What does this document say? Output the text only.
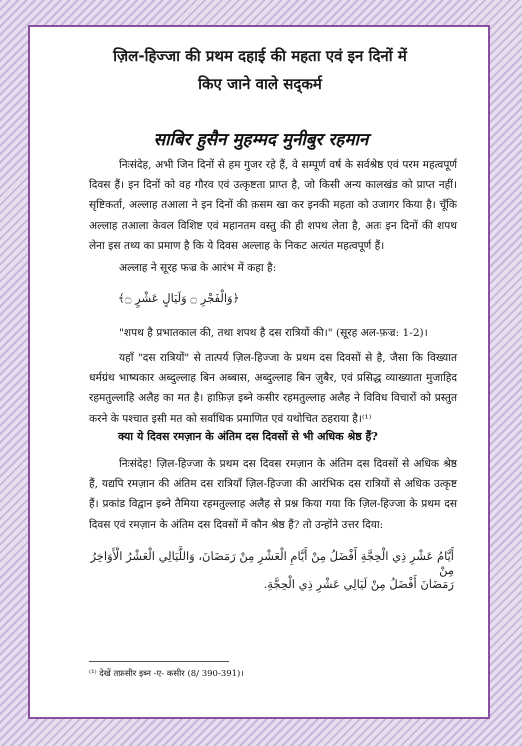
ज़िल-हिज्जा की प्रथम दहाई की महता एवं इन दिनों में
किए जाने वाले सद्कर्म
साबिर हुसैन मुहम्मद मुनीबुर रहमान
निःसंदेह, अभी जिन दिनों से हम गुजर रहे हैं, वे सम्पूर्ण वर्ष के सर्वश्रेष्ठ एवं परम महत्वपूर्ण दिवस हैं। इन दिनों को वह गौरव एवं उत्कृष्टता प्राप्त है, जो किसी अन्य कालखंड को प्राप्त नहीं। सृष्टिकर्ता, अल्लाह तआला ने इन दिनों की क़सम खा कर इनकी महता को उजागर किया है। चूँकि अल्लाह तआला केवल विशिष्ट एवं महानतम वस्तु की ही शपथ लेता है, अतः इन दिनों की शपथ लेना इस तथ्य का प्रमाण है कि ये दिवस अल्लाह के निकट अत्यंत महत्वपूर्ण हैं।
अल्लाह ने सूरह फज्र के आरंभ में कहा है:
﴿وَالْفَجْرِ ۝ وَلَيَالٍ عَشْرٍ ۝﴾
"शपथ है प्रभातकाल की, तथा शपथ है दस रात्रियों की।" (सूरह अल-फ़ज्र: 1-2)।
यहाँ "दस रात्रियों" से तात्पर्य ज़िल-हिज्जा के प्रथम दस दिवसों से है, जैसा कि विख्यात धर्मग्रंथ भाष्यकार अब्दुल्लाह बिन अब्बास, अब्दुल्लाह बिन ज़ुबैर, एवं प्रसिद्ध व्याख्याता मुजाहिद रहमतुल्लाहि अलैह का मत है। हाफ़िज़ इब्ने कसीर रहमतुल्लाह अलैह ने विविध विचारों को प्रस्तुत करने के पश्चात इसी मत को सर्वाधिक प्रमाणित एवं यथोचित ठहराया है।⁽¹⁾
क्या ये दिवस रमज़ान के अंतिम दस दिवसों से भी अधिक श्रेष्ठ हैं?
निःसंदेह! ज़िल-हिज्जा के प्रथम दस दिवस रमज़ान के अंतिम दस दिवसों से अधिक श्रेष्ठ हैं, यद्यपि रमज़ान की अंतिम दस रात्रियाँ ज़िल-हिज्जा की आरंभिक दस रात्रियों से अधिक उत्कृष्ट हैं। प्रकांड विद्वान इब्ने तैमिया रहमतुल्लाह अलैह से प्रश्न किया गया कि ज़िल-हिज्जा के प्रथम दस दिवस एवं रमज़ान के अंतिम दस दिवसों में कौन श्रेष्ठ हैं? तो उन्होंने उत्तर दिया:
أَيَّامُ عَشْرِ ذِي الْحِجَّةِ أَفْضَلُ مِنْ أَيَّامِ الْعَشْرِ مِنْ رَمَضَانَ، وَاللَّيَالِي الْعَشْرُ الْأَوَاخِرُ مِنْ
رَمَضَانَ أَفْضَلُ مِنْ لَيَالِي عَشْرِ ذِي الْحِجَّةِ.
⁽¹⁾ देखें तफ़सीर इब्न -ए- कसीर (8/ 390-391)।
